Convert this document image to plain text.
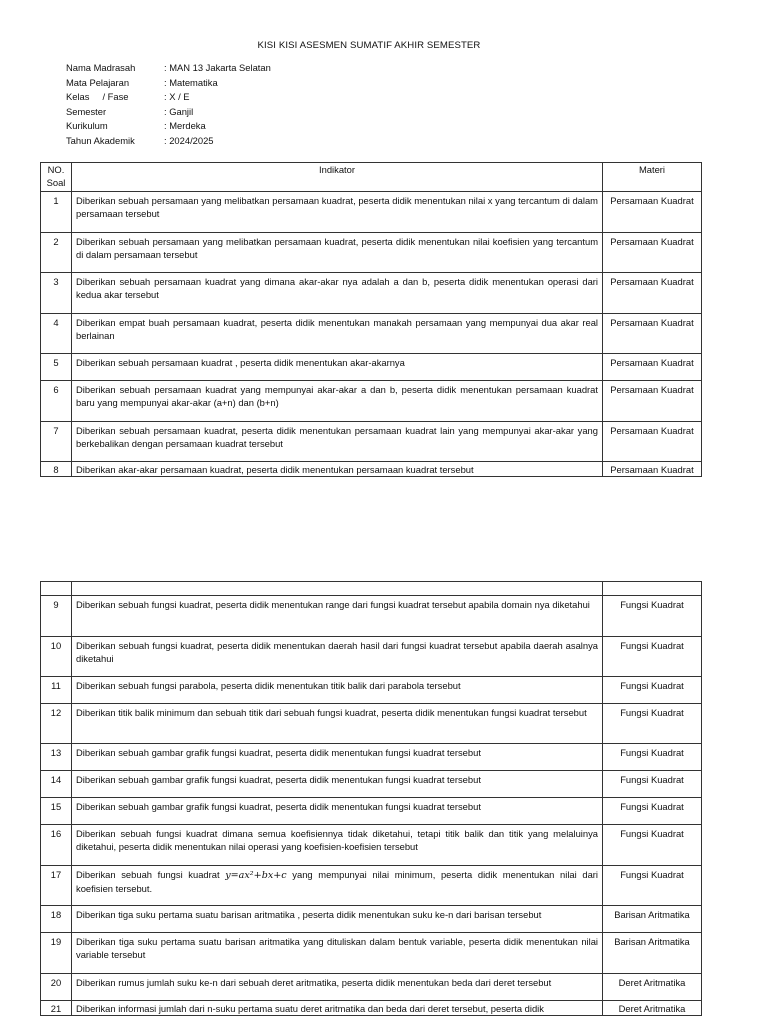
KISI KISI ASESMEN SUMATIF AKHIR SEMESTER
Nama Madrasah	: MAN 13 Jakarta Selatan
Mata Pelajaran	: Matematika
Kelas     / Fase	: X / E
Semester	: Ganjil
Kurikulum	: Merdeka
Tahun Akademik	: 2024/2025
NO.
Soal	Indikator	Materi
1	Diberikan sebuah persamaan yang melibatkan persamaan kuadrat, peserta didik menentukan nilai x yang tercantum di dalam persamaan tersebut	Persamaan Kuadrat
2	Diberikan sebuah persamaan yang melibatkan persamaan kuadrat, peserta didik menentukan nilai koefisien yang tercantum di dalam persamaan tersebut	Persamaan Kuadrat
3	Diberikan sebuah persamaan kuadrat yang dimana akar-akar nya adalah a dan b, peserta didik menentukan operasi dari kedua akar tersebut	Persamaan Kuadrat
4	Diberikan empat buah persamaan kuadrat, peserta didik menentukan manakah persamaan yang mempunyai dua akar real berlainan	Persamaan Kuadrat
5	Diberikan sebuah persamaan kuadrat , peserta didik menentukan akar-akarnya	Persamaan Kuadrat
6	Diberikan sebuah persamaan kuadrat yang mempunyai akar-akar a dan b, peserta didik menentukan persamaan kuadrat baru yang mempunyai akar-akar (a+n) dan (b+n)	Persamaan Kuadrat
7	Diberikan sebuah persamaan kuadrat, peserta didik menentukan persamaan kuadrat lain yang mempunyai akar-akar yang berkebalikan dengan persamaan kuadrat tersebut	Persamaan Kuadrat
8	Diberikan akar-akar persamaan kuadrat, peserta didik menentukan persamaan kuadrat tersebut	Persamaan Kuadrat

9	Diberikan sebuah fungsi kuadrat, peserta didik menentukan range dari fungsi kuadrat tersebut apabila domain nya diketahui	Fungsi Kuadrat
10	Diberikan sebuah fungsi kuadrat, peserta didik menentukan daerah hasil dari fungsi kuadrat tersebut apabila daerah asalnya diketahui	Fungsi Kuadrat
11	Diberikan sebuah fungsi parabola, peserta didik menentukan titik balik dari parabola tersebut	Fungsi Kuadrat
12	Diberikan titik balik minimum dan sebuah titik dari sebuah fungsi kuadrat, peserta didik menentukan fungsi kuadrat tersebut	Fungsi Kuadrat
13	Diberikan sebuah gambar grafik fungsi kuadrat, peserta didik menentukan fungsi kuadrat tersebut	Fungsi Kuadrat
14	Diberikan sebuah gambar grafik fungsi kuadrat, peserta didik menentukan fungsi kuadrat tersebut	Fungsi Kuadrat
15	Diberikan sebuah gambar grafik fungsi kuadrat, peserta didik menentukan fungsi kuadrat tersebut	Fungsi Kuadrat
16	Diberikan sebuah fungsi kuadrat dimana semua koefisiennya tidak diketahui, tetapi titik balik dan titik yang melaluinya diketahui, peserta didik menentukan nilai operasi yang koefisien-koefisien tersebut	Fungsi Kuadrat
17	Diberikan sebuah fungsi kuadrat y=ax²+bx+c yang mempunyai nilai minimum, peserta didik menentukan nilai dari koefisien tersebut.	Fungsi Kuadrat
18	Diberikan tiga suku pertama suatu barisan aritmatika , peserta didik menentukan suku ke-n dari barisan tersebut	Barisan Aritmatika
19	Diberikan tiga suku pertama suatu barisan aritmatika yang dituliskan dalam bentuk variable, peserta didik menentukan nilai variable tersebut	Barisan Aritmatika
20	Diberikan rumus jumlah suku ke-n dari sebuah deret aritmatika, peserta didik menentukan beda dari deret tersebut	Deret Aritmatika
21	Diberikan informasi jumlah dari n-suku pertama suatu deret aritmatika dan beda dari deret tersebut, peserta didik	Deret Aritmatika
